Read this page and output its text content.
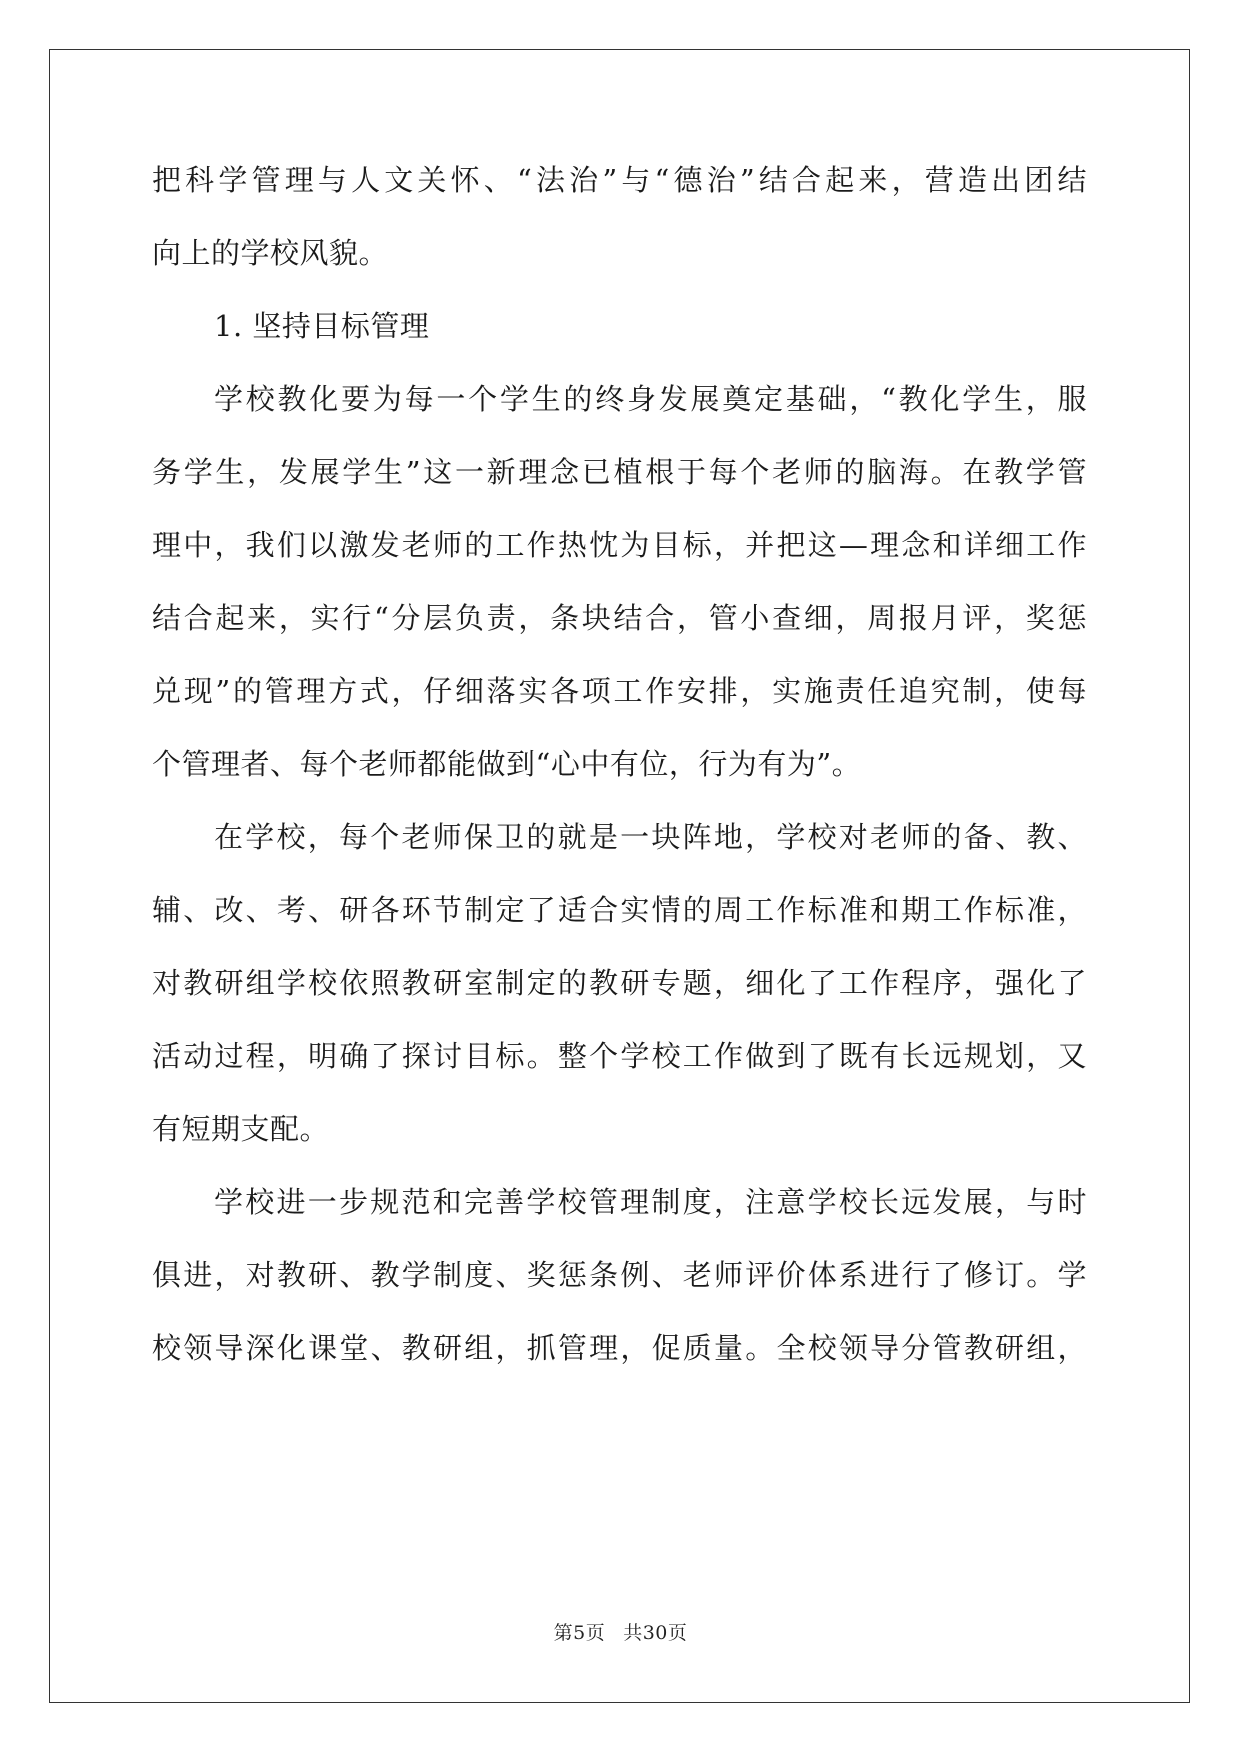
把科学管理与人文关怀、“法治”与“德治”结合起来，营造出团结
向上的学校风貌。
1. 坚持目标管理
学校教化要为每一个学生的终身发展奠定基础，“教化学生，服
务学生，发展学生”这一新理念已植根于每个老师的脑海。在教学管
理中，我们以激发老师的工作热忱为目标，并把这—理念和详细工作
结合起来，实行“分层负责，条块结合，管小查细，周报月评，奖惩
兑现”的管理方式，仔细落实各项工作安排，实施责任追究制，使每
个管理者、每个老师都能做到“心中有位，行为有为”。
在学校，每个老师保卫的就是一块阵地，学校对老师的备、教、
辅、改、考、研各环节制定了适合实情的周工作标准和期工作标准，
对教研组学校依照教研室制定的教研专题，细化了工作程序，强化了
活动过程，明确了探讨目标。整个学校工作做到了既有长远规划，又
有短期支配。
学校进一步规范和完善学校管理制度，注意学校长远发展，与时
俱进，对教研、教学制度、奖惩条例、老师评价体系进行了修订。学
校领导深化课堂、教研组，抓管理，促质量。全校领导分管教研组，
第5页 共30页
